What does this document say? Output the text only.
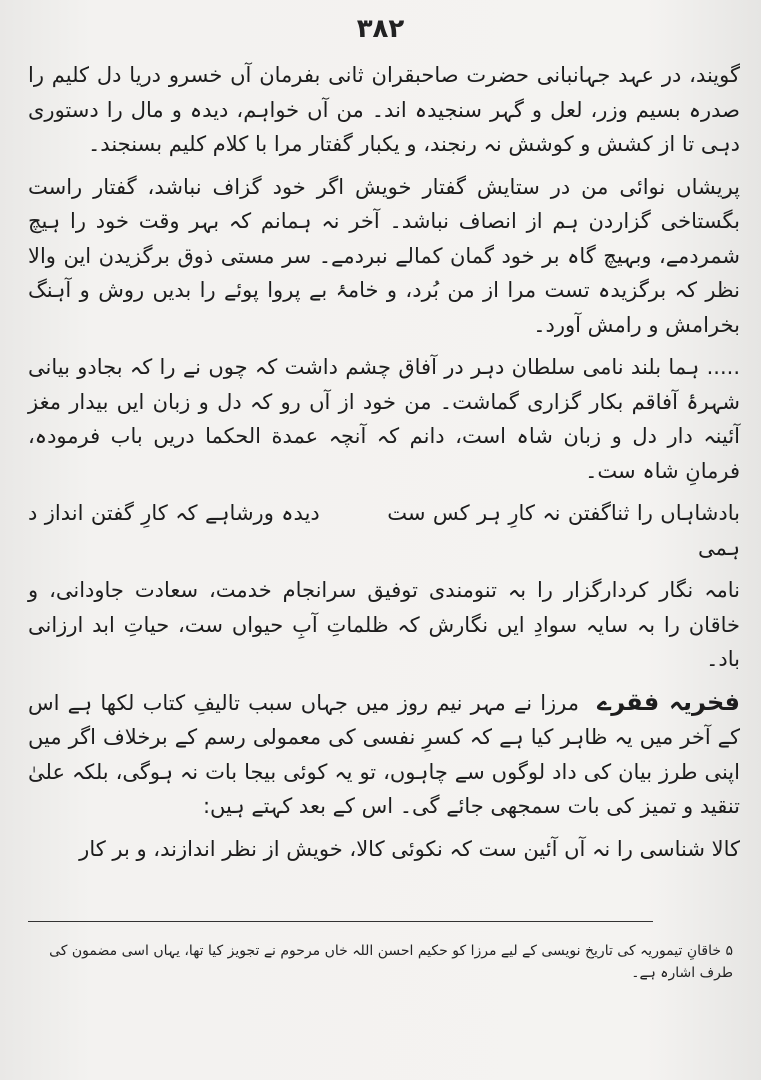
۳۸۲

گویند، در عہد جہانبانی حضرت صاحبقران ثانی بفرمان آں خسرو دریا دل کلیم را صدرہ بسیم وزر، لعل و گہر سنجیدہ اند۔ من آں خواہم، دیدہ و مال را دستوری دہی تا از کشش و کوشش نہ رنجند، و یکبار گفتار مرا با کلام کلیم بسنجند۔

پریشاں نوائی من در ستایش گفتار خویش اگر خود گزاف نباشد، گفتار راست بگستاخی گزاردن ہم از انصاف نباشد۔ آخر نہ ہمانم کہ بہر وقت خود را ہیچ شمردمے، وبہیچ گاہ بر خود گمان کمالے نبردمے۔ سر مستی ذوق برگزیدن این والا نظر کہ برگزیدہ تست مرا از من بُرد، و خامۂ بے پروا پوئے را بدیں روش و آہنگ بخرامش و رامش آورد۔

..... ہما بلند نامی سلطان دہر در آفاق چشم داشت کہ چوں نے را کہ بجادو بیانی شہرۂ آفاقم بکار گزاری گماشت۔ من خود از آں رو کہ دل و زبان ایں بیدار مغز آئینہ دار دل و زبان شاہ است، دانم کہ آنچہ عمدة الحکما دریں باب فرمودہ، فرمانِ شاہ ست۔

بادشاہاں را ثناگفتن نہ کارِ ہر کس ست دیدہ ورشاہے کہ کارِ گفتن انداز د ہمی

نامہ نگار کردارگزار را بہ تنومندی توفیق سرانجام خدمت، سعادت جاودانی، و خاقان را بہ سایہ سوادِ ایں نگارش کہ ظلماتِ آبِ حیواں ست، حیاتِ ابد ارزانی باد۔

فخریہ فقرے مرزا نے مہر نیم روز میں جہاں سبب تالیفِ کتاب لکھا ہے اس کے آخر میں یہ ظاہر کیا ہے کہ کسرِ نفسی کی معمولی رسم کے برخلاف اگر میں اپنی طرز بیان کی داد لوگوں سے چاہوں، تو یہ کوئی بیجا بات نہ ہوگی، بلکہ علیٰ تنقید و تمیز کی بات سمجھی جائے گی۔ اس کے بعد کہتے ہیں:

کالا شناسی را نہ آں آئین ست کہ نکوئی کالا، خویش از نظر اندازند، و بر کار

۵ خاقانِ تیموریہ کی تاریخ نویسی کے لیے مرزا کو حکیم احسن اللہ خاں مرحوم نے تجویز کیا تھا، یہاں اسی مضمون کی طرف اشارہ ہے۔
